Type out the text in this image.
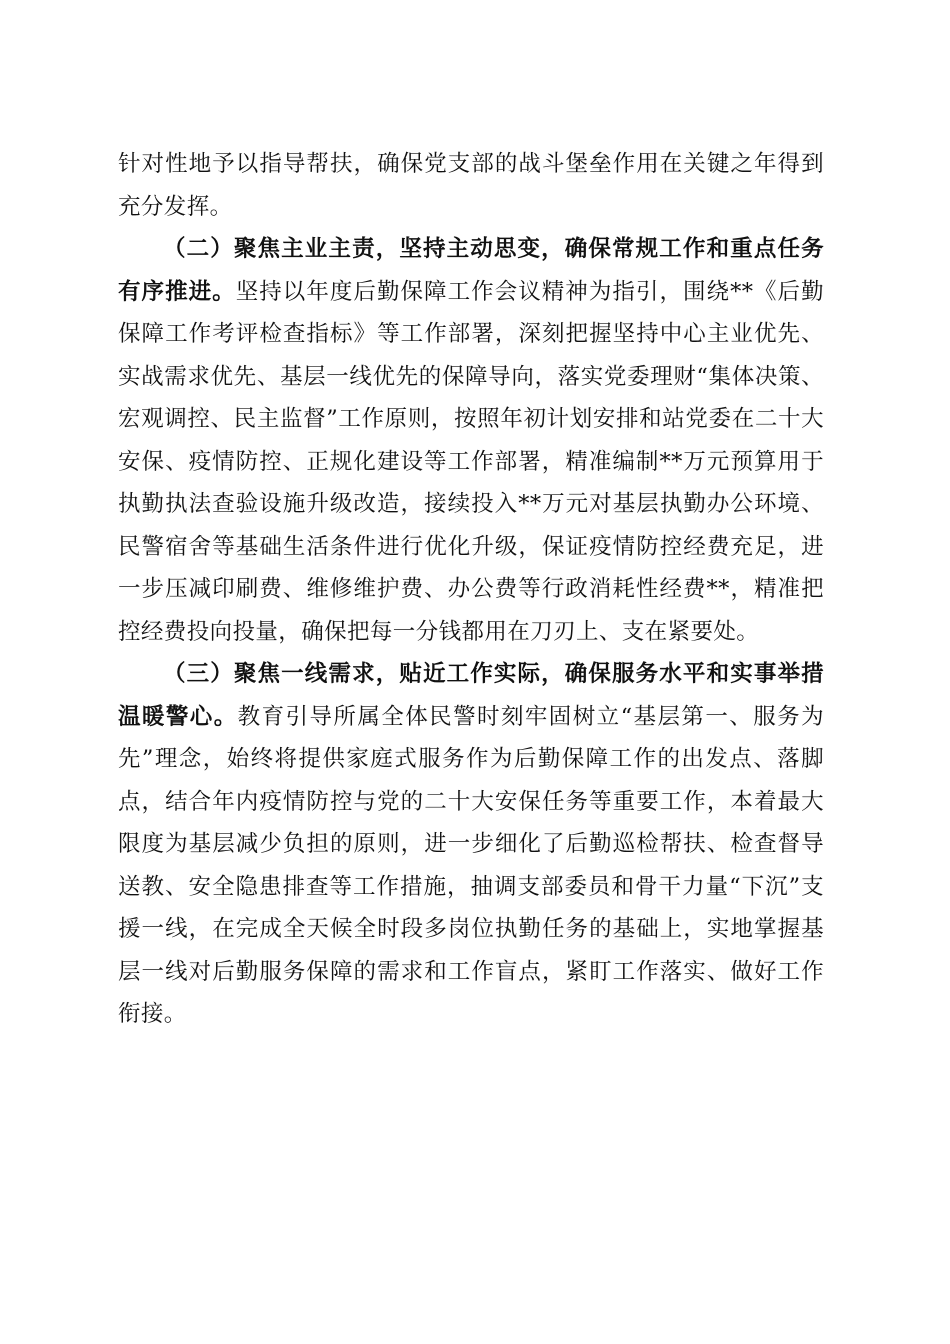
针对性地予以指导帮扶，确保党支部的战斗堡垒作用在关键之年得到充分发挥。

（二）聚焦主业主责，坚持主动思变，确保常规工作和重点任务有序推进。坚持以年度后勤保障工作会议精神为指引，围绕**《后勤保障工作考评检查指标》等工作部署，深刻把握坚持中心主业优先、实战需求优先、基层一线优先的保障导向，落实党委理财“集体决策、宏观调控、民主监督”工作原则，按照年初计划安排和站党委在二十大安保、疫情防控、正规化建设等工作部署，精准编制**万元预算用于执勤执法查验设施升级改造，接续投入**万元对基层执勤办公环境、民警宿舍等基础生活条件进行优化升级，保证疫情防控经费充足，进一步压减印刷费、维修维护费、办公费等行政消耗性经费**，精准把控经费投向投量，确保把每一分钱都用在刀刃上、支在紧要处。

（三）聚焦一线需求，贴近工作实际，确保服务水平和实事举措温暖警心。教育引导所属全体民警时刻牢固树立“基层第一、服务为先”理念，始终将提供家庭式服务作为后勤保障工作的出发点、落脚点，结合年内疫情防控与党的二十大安保任务等重要工作，本着最大限度为基层减少负担的原则，进一步细化了后勤巡检帮扶、检查督导送教、安全隐患排查等工作措施，抽调支部委员和骨干力量“下沉”支援一线，在完成全天候全时段多岗位执勤任务的基础上，实地掌握基层一线对后勤服务保障的需求和工作盲点，紧盯工作落实、做好工作衔接。
